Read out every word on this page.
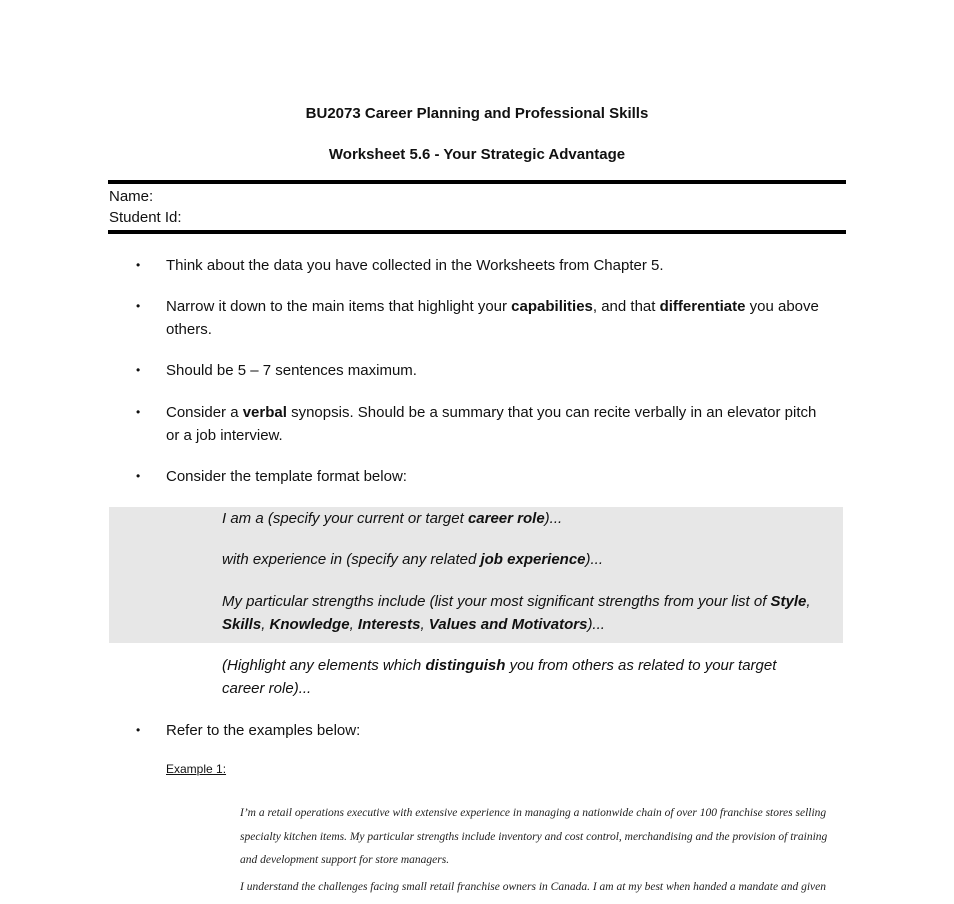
BU2073 Career Planning and Professional Skills
Worksheet 5.6 - Your Strategic Advantage
Name:
Student Id:
• Think about the data you have collected in the Worksheets from Chapter 5.
• Narrow it down to the main items that highlight your capabilities, and that differentiate you above others.
• Should be 5 – 7 sentences maximum.
• Consider a verbal synopsis. Should be a summary that you can recite verbally in an elevator pitch or a job interview.
• Consider the template format below:
I am a (specify your current or target career role)...
with experience in (specify any related job experience)...
My particular strengths include (list your most significant strengths from your list of Style, Skills, Knowledge, Interests, Values and Motivators)...
(Highlight any elements which distinguish you from others as related to your target career role)...
• Refer to the examples below:
Example 1:
I’m a retail operations executive with extensive experience in managing a nationwide chain of over 100 franchise stores selling specialty kitchen items. My particular strengths include inventory and cost control, merchandising and the provision of training and development support for store managers.
I understand the challenges facing small retail franchise owners in Canada. I am at my best when handed a mandate and given
